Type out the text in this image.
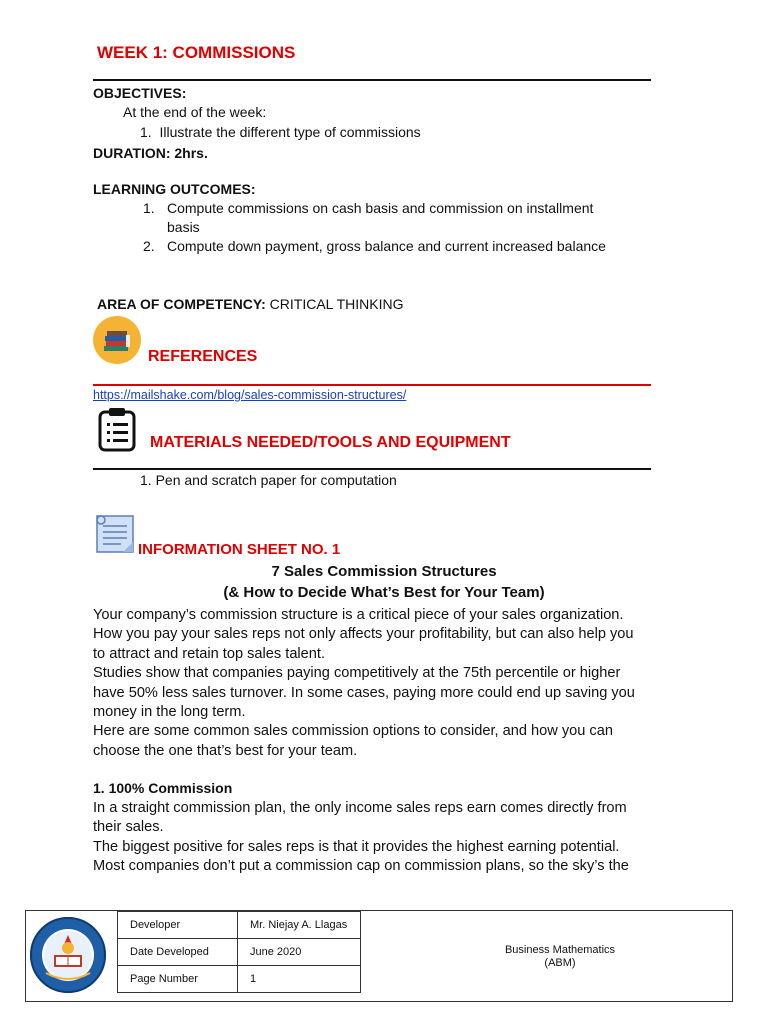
WEEK 1: COMMISSIONS
OBJECTIVES:
At the end of the week:
1. Illustrate the different type of commissions
DURATION: 2hrs.
LEARNING OUTCOMES:
1. Compute commissions on cash basis and commission on installment
basis
2. Compute down payment, gross balance and current increased balance
AREA OF COMPETENCY: CRITICAL THINKING
REFERENCES
https://mailshake.com/blog/sales-commission-structures/
MATERIALS NEEDED/TOOLS AND EQUIPMENT
1. Pen and scratch paper for computation
INFORMATION SHEET NO. 1
7 Sales Commission Structures
(& How to Decide What’s Best for Your Team)
Your company’s commission structure is a critical piece of your sales organization.
How you pay your sales reps not only affects your profitability, but can also help you
to attract and retain top sales talent.
Studies show that companies paying competitively at the 75th percentile or higher
have 50% less sales turnover. In some cases, paying more could end up saving you
money in the long term.
Here are some common sales commission options to consider, and how you can
choose the one that’s best for your team.
1. 100% Commission
In a straight commission plan, the only income sales reps earn comes directly from
their sales.
The biggest positive for sales reps is that it provides the highest earning potential.
Most companies don’t put a commission cap on commission plans, so the sky’s the
Developer	Mr. Niejay A. Llagas
Date Developed	June 2020
Page Number	1
Business Mathematics
(ABM)
